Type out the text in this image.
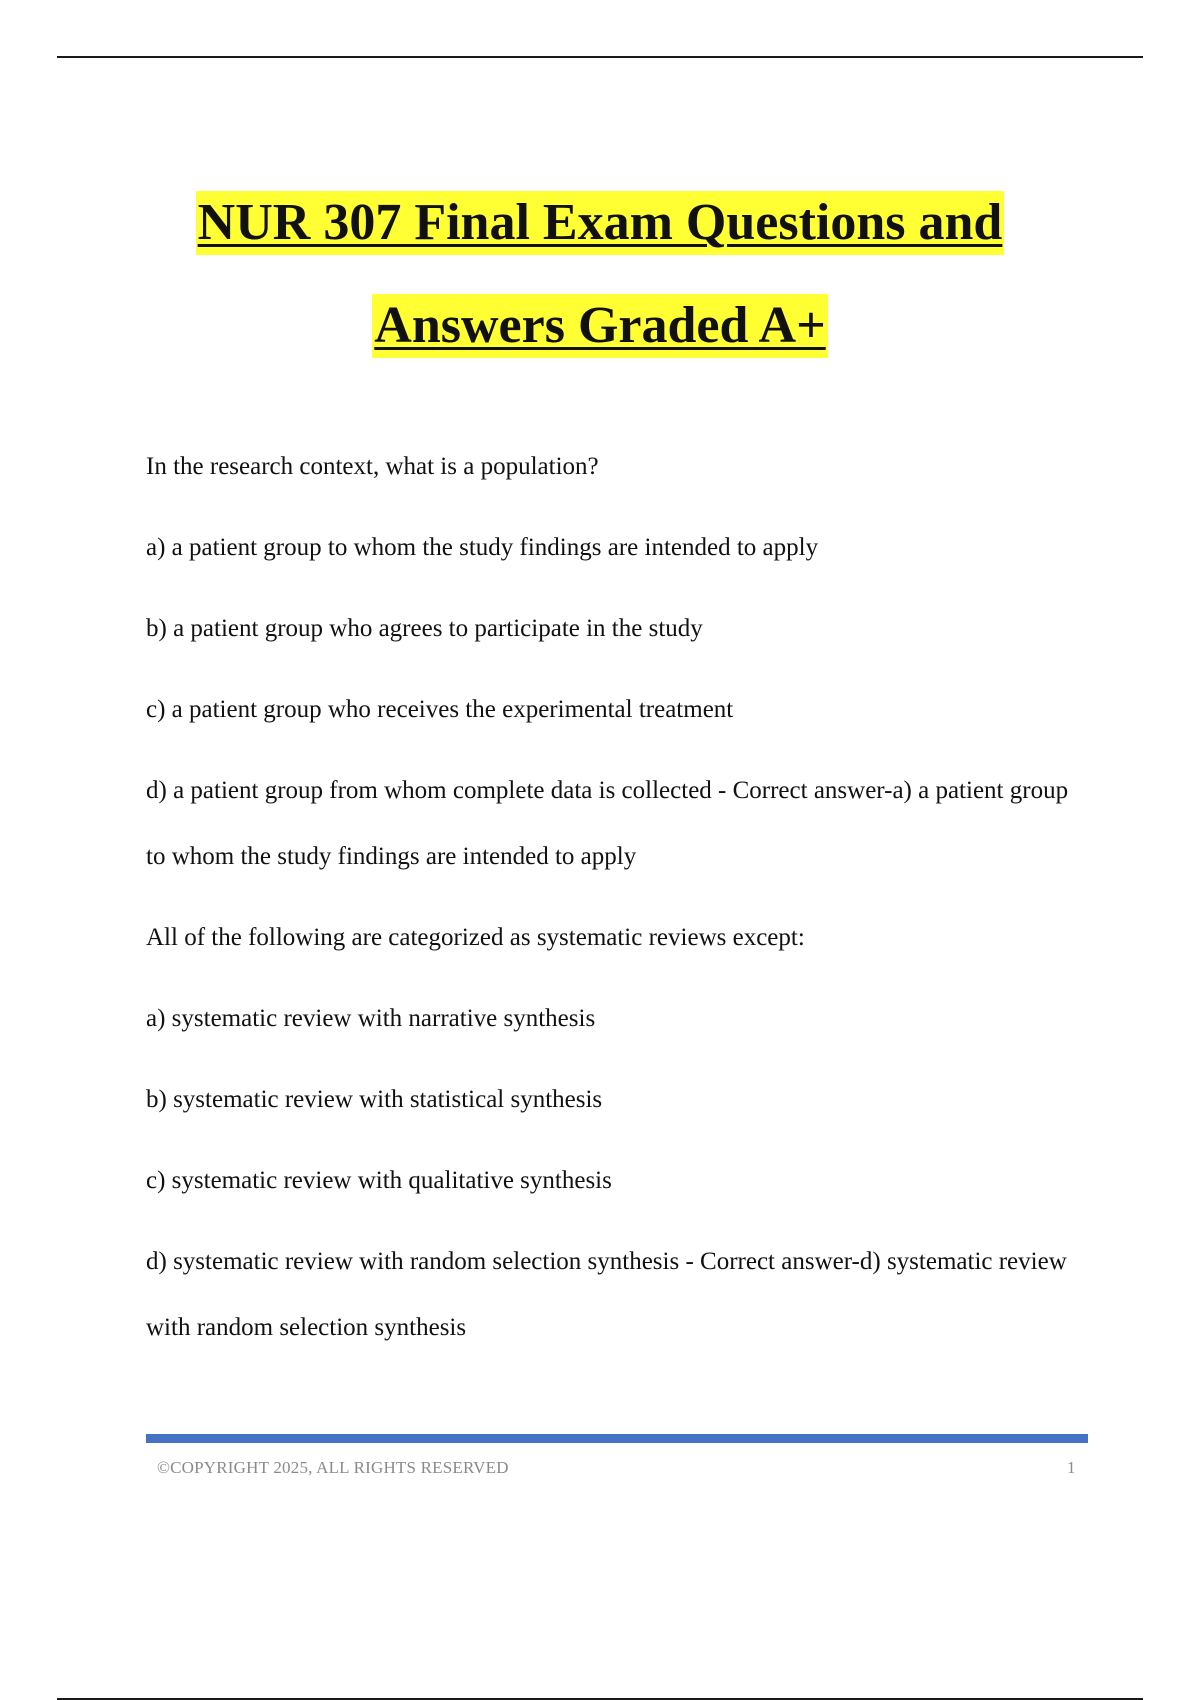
NUR 307 Final Exam Questions and
Answers Graded A+

In the research context, what is a population?

a) a patient group to whom the study findings are intended to apply

b) a patient group who agrees to participate in the study

c) a patient group who receives the experimental treatment

d) a patient group from whom complete data is collected - Correct answer-a) a patient group to whom the study findings are intended to apply

All of the following are categorized as systematic reviews except:

a) systematic review with narrative synthesis

b) systematic review with statistical synthesis

c) systematic review with qualitative synthesis

d) systematic review with random selection synthesis - Correct answer-d) systematic review with random selection synthesis

©COPYRIGHT 2025, ALL RIGHTS RESERVED	1
